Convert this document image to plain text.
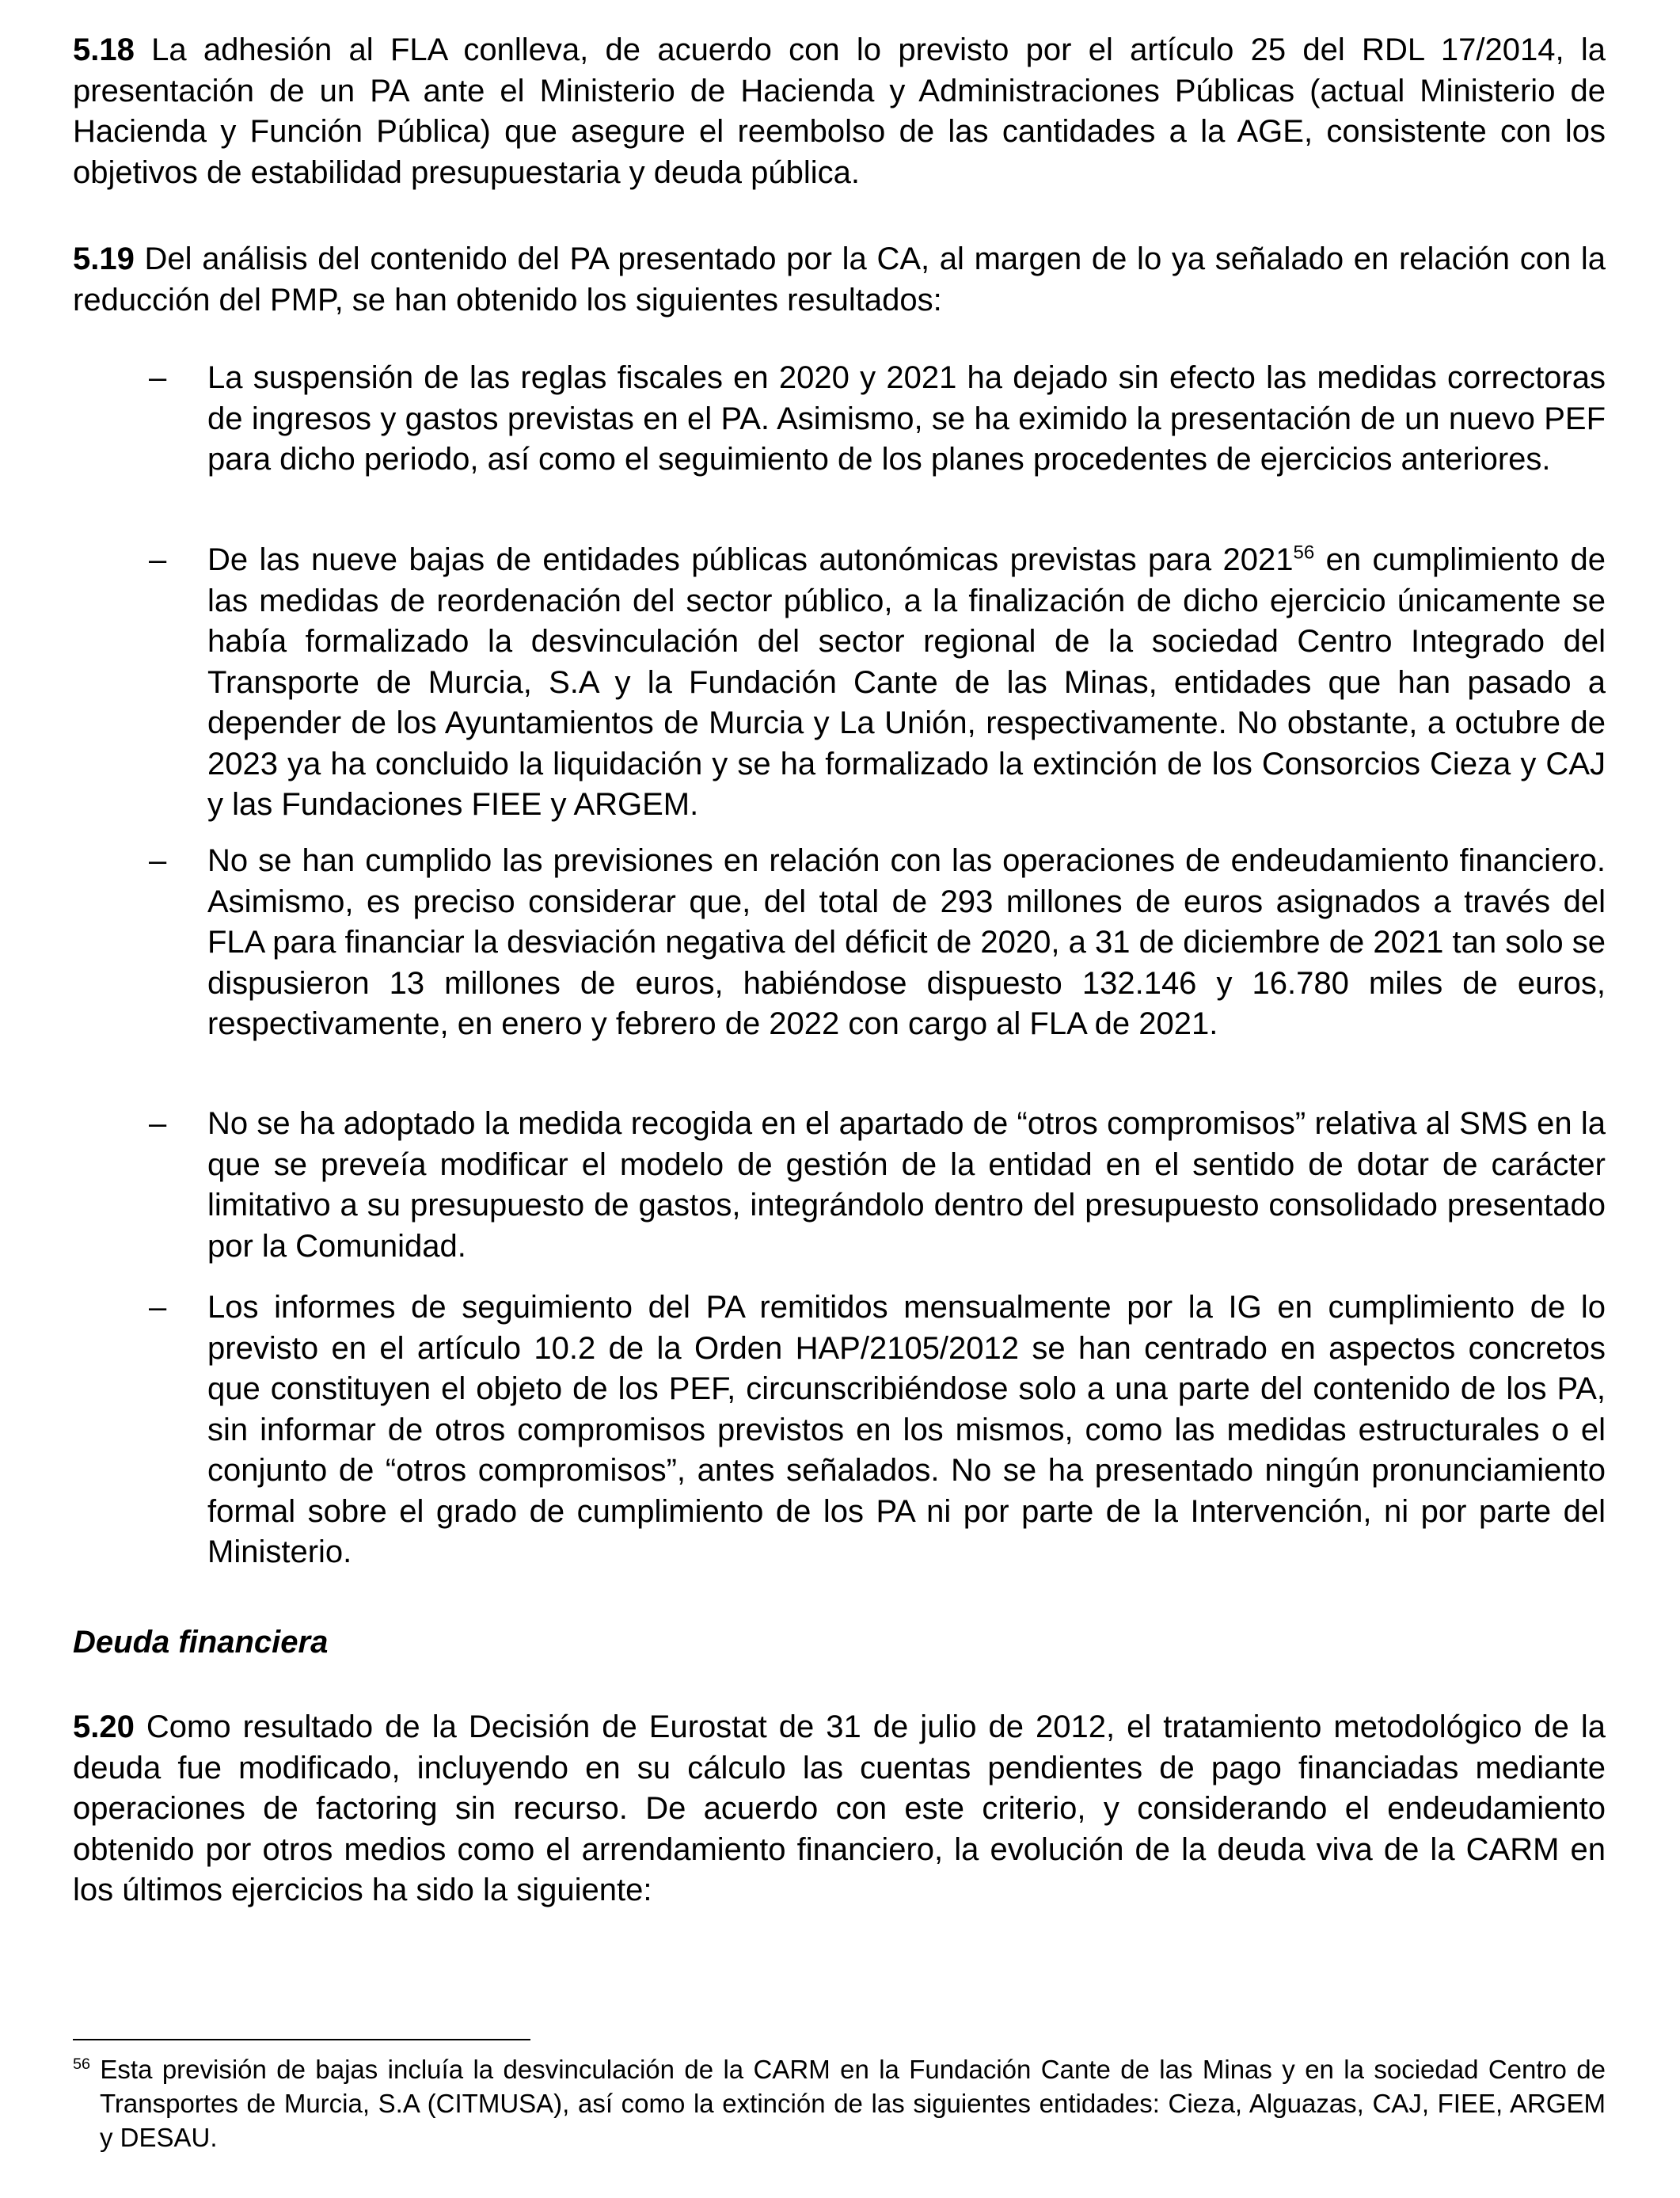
5.18 La adhesión al FLA conlleva, de acuerdo con lo previsto por el artículo 25 del RDL 17/2014, la presentación de un PA ante el Ministerio de Hacienda y Administraciones Públicas (actual Ministerio de Hacienda y Función Pública) que asegure el reembolso de las cantidades a la AGE, consistente con los objetivos de estabilidad presupuestaria y deuda pública.
5.19 Del análisis del contenido del PA presentado por la CA, al margen de lo ya señalado en relación con la reducción del PMP, se han obtenido los siguientes resultados:
– La suspensión de las reglas fiscales en 2020 y 2021 ha dejado sin efecto las medidas correctoras de ingresos y gastos previstas en el PA. Asimismo, se ha eximido la presentación de un nuevo PEF para dicho periodo, así como el seguimiento de los planes procedentes de ejercicios anteriores.
– De las nueve bajas de entidades públicas autonómicas previstas para 2021$^{56}$ en cumplimiento de las medidas de reordenación del sector público, a la finalización de dicho ejercicio únicamente se había formalizado la desvinculación del sector regional de la sociedad Centro Integrado del Transporte de Murcia, S.A y la Fundación Cante de las Minas, entidades que han pasado a depender de los Ayuntamientos de Murcia y La Unión, respectivamente. No obstante, a octubre de 2023 ya ha concluido la liquidación y se ha formalizado la extinción de los Consorcios Cieza y CAJ y las Fundaciones FIEE y ARGEM.
– No se han cumplido las previsiones en relación con las operaciones de endeudamiento financiero. Asimismo, es preciso considerar que, del total de 293 millones de euros asignados a través del FLA para financiar la desviación negativa del déficit de 2020, a 31 de diciembre de 2021 tan solo se dispusieron 13 millones de euros, habiéndose dispuesto 132.146 y 16.780 miles de euros, respectivamente, en enero y febrero de 2022 con cargo al FLA de 2021.
– No se ha adoptado la medida recogida en el apartado de “otros compromisos” relativa al SMS en la que se preveía modificar el modelo de gestión de la entidad en el sentido de dotar de carácter limitativo a su presupuesto de gastos, integrándolo dentro del presupuesto consolidado presentado por la Comunidad.
– Los informes de seguimiento del PA remitidos mensualmente por la IG en cumplimiento de lo previsto en el artículo 10.2 de la Orden HAP/2105/2012 se han centrado en aspectos concretos que constituyen el objeto de los PEF, circunscribiéndose solo a una parte del contenido de los PA, sin informar de otros compromisos previstos en los mismos, como las medidas estructurales o el conjunto de “otros compromisos”, antes señalados. No se ha presentado ningún pronunciamiento formal sobre el grado de cumplimiento de los PA ni por parte de la Intervención, ni por parte del Ministerio.
Deuda financiera
5.20 Como resultado de la Decisión de Eurostat de 31 de julio de 2012, el tratamiento metodológico de la deuda fue modificado, incluyendo en su cálculo las cuentas pendientes de pago financiadas mediante operaciones de factoring sin recurso. De acuerdo con este criterio, y considerando el endeudamiento obtenido por otros medios como el arrendamiento financiero, la evolución de la deuda viva de la CARM en los últimos ejercicios ha sido la siguiente:
$^{56}$ Esta previsión de bajas incluía la desvinculación de la CARM en la Fundación Cante de las Minas y en la sociedad Centro de Transportes de Murcia, S.A (CITMUSA), así como la extinción de las siguientes entidades: Cieza, Alguazas, CAJ, FIEE, ARGEM y DESAU.
